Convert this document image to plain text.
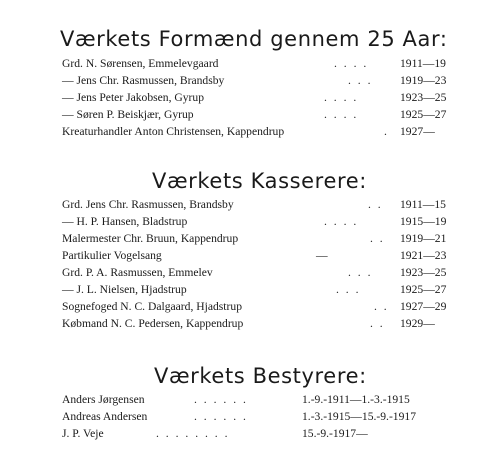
Værkets Formænd gennem 25 Aar:
Grd. N. Sørensen, Emmelevgaard	. . . .	1911—19
— Jens Chr. Rasmussen, Brandsby	. . . 1919—23
— Jens Peter Jakobsen, Gyrup	. . . .	1923—25
— Søren P. Beiskjær, Gyrup	. . . .	1925—27
Kreaturhandler Anton Christensen, Kappendrup	. 1927—
Værkets Kasserere:
Grd. Jens Chr. Rasmussen, Brandsby	. . 1911—15
— H. P. Hansen, Bladstrup	. . . .	1915—19
Malermester Chr. Bruun, Kappendrup	. . 1919—21
Partikulier Vogelsang	—	1921—23
Grd. P. A. Rasmussen, Emmelev	. . . 1923—25
— J. L. Nielsen, Hjadstrup	. . .	1925—27
Sognefoged N. C. Dalgaard, Hjadstrup	. . 1927—29
Købmand N. C. Pedersen, Kappendrup	. . 1929—
Værkets Bestyrere:
Anders Jørgensen	. . . . . .	1.-9.-1911—1.-3.-1915
Andreas Andersen	. . . . . .	1.-3.-1915—15.-9.-1917
J. P. Veje	. . . . . . . .	15.-9.-1917—
